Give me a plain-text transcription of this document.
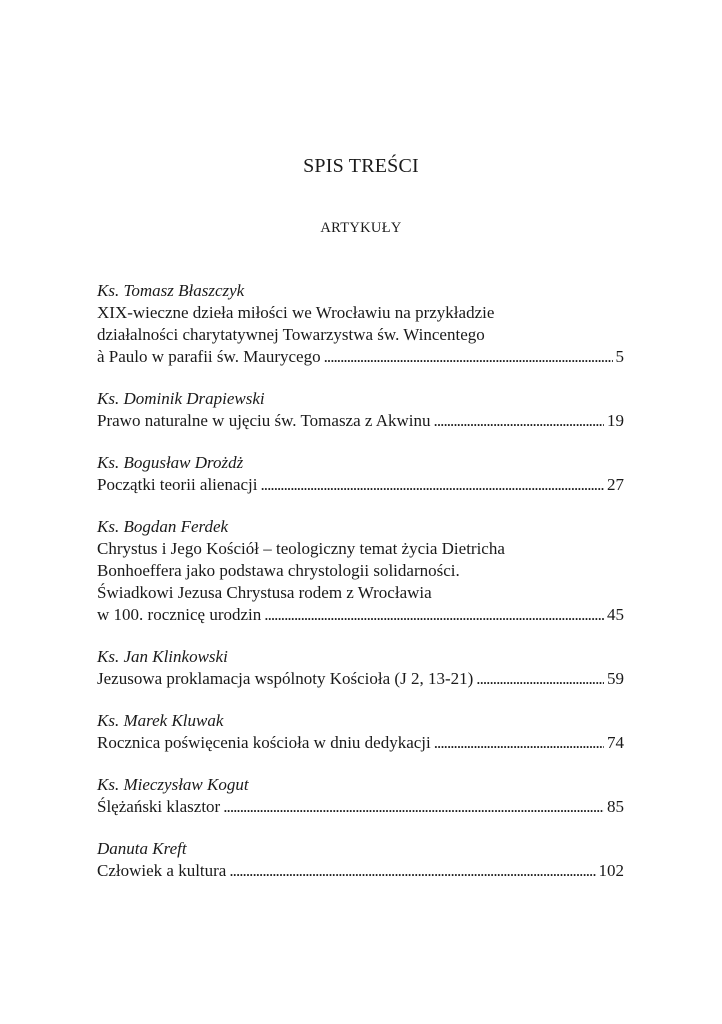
SPIS TREŚCI
ARTYKUŁY
Ks. Tomasz Błaszczyk
XIX-wieczne dzieła miłości we Wrocławiu na przykładzie
działalności charytatywnej Towarzystwa św. Wincentego
à Paulo w parafii św. Maurycego . . .	5
Ks. Dominik Drapiewski
Prawo naturalne w ujęciu św. Tomasza z Akwinu . . .	19
Ks. Bogusław Drożdż
Początki teorii alienacji . . .	27
Ks. Bogdan Ferdek
Chrystus i Jego Kościół – teologiczny temat życia Dietricha
Bonhoeffera jako podstawa chrystologii solidarności.
Świadkowi Jezusa Chrystusa rodem z Wrocławia
w 100. rocznicę urodzin . . .	45
Ks. Jan Klinkowski
Jezusowa proklamacja wspólnoty Kościoła (J 2, 13-21) . . .	59
Ks. Marek Kluwak
Rocznica poświęcenia kościoła w dniu dedykacji . . .	74
Ks. Mieczysław Kogut
Ślężański klasztor . . .	85
Danuta Kreft
Człowiek a kultura . . .	102
